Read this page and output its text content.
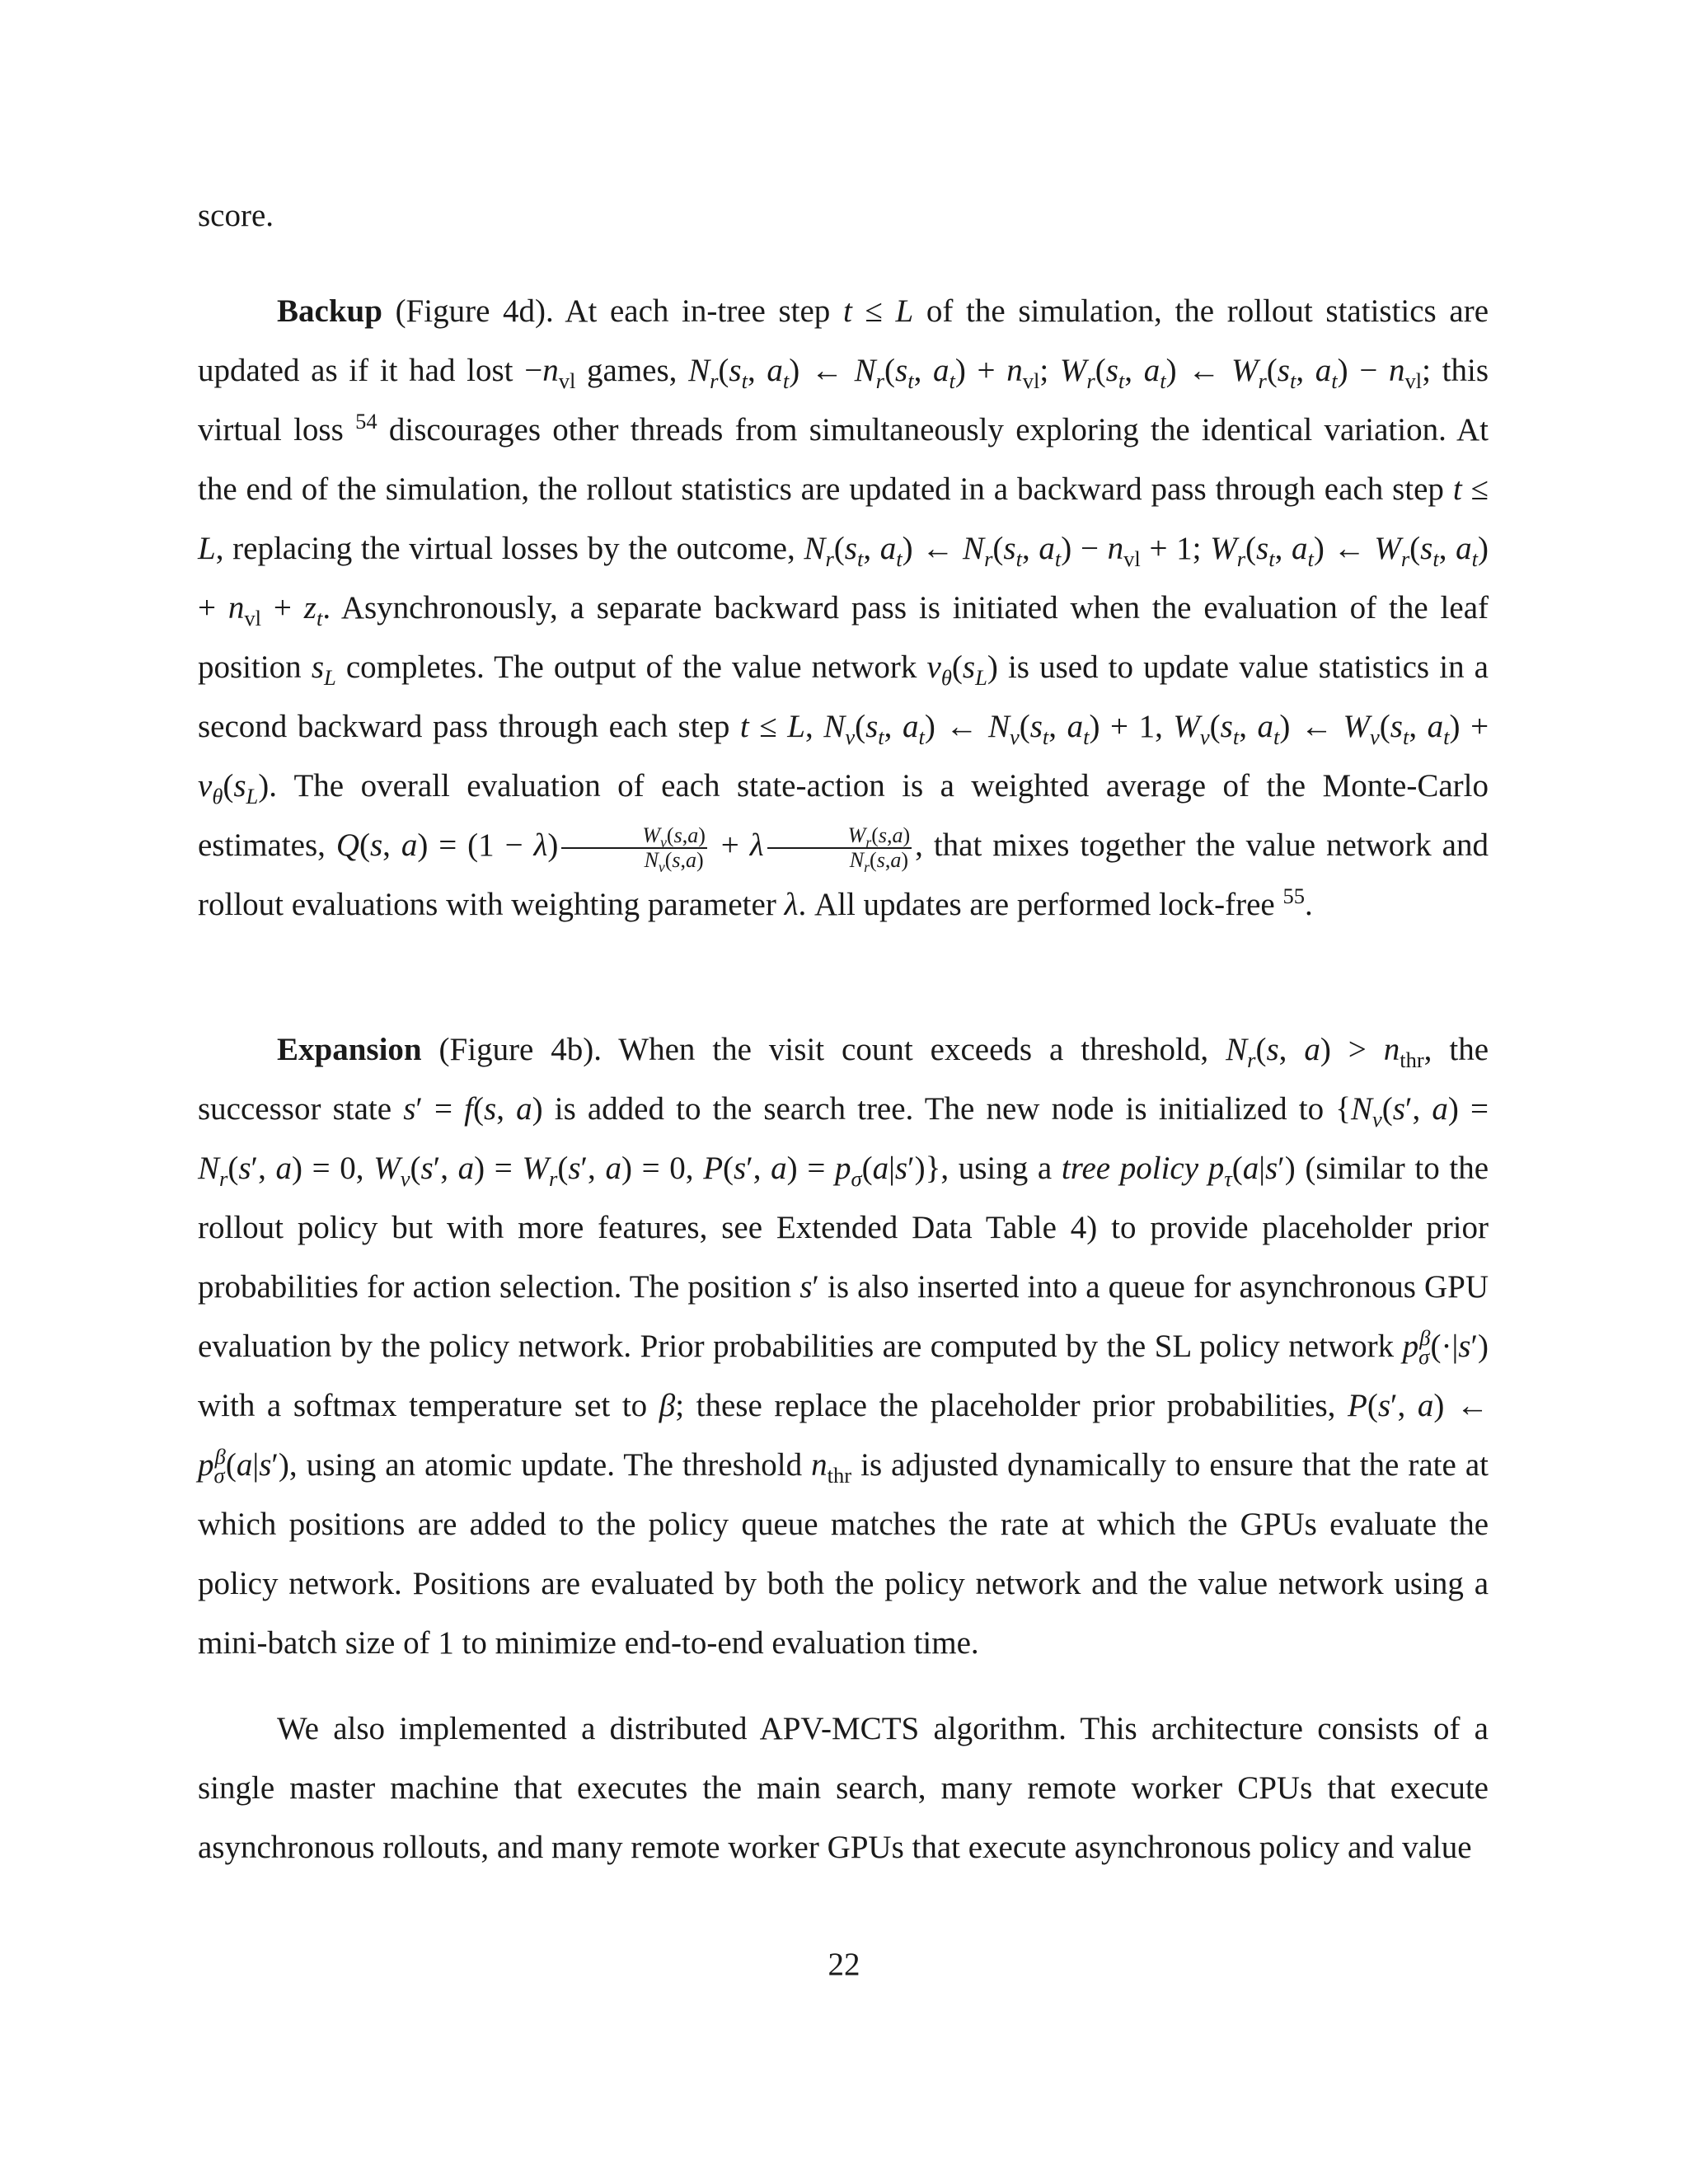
score.

Backup (Figure 4d). At each in-tree step t ≤ L of the simulation, the rollout statistics are updated as if it had lost $-n_{vl}$ games, $N_r(s_t$, $a_t$) ← $N_r(s_t$, $a_t) + n_{vl}$; $W_r(s_t$, $a_t$) ← $W_r(s_t$, $a_t) - n_{vl}$; this virtual loss $^{54}$ discourages other threads from simultaneously exploring the identical variation. At the end of the simulation, the rollout statistics are updated in a backward pass through each step t ≤ L, replacing the virtual losses by the outcome, $N_r(s_t$, $a_t$) ← $N_r(s_t$, $a_t) - n_{vl} + 1$; $W_r(s_t$, $a_t$) ← $W_r(s_t$, $a_t) + n_{vl} + z_t$. Asynchronously, a separate backward pass is initiated when the evaluation of the leaf position $s_L$ completes. The output of the value network $v_\theta(s_L)$ is used to update value statistics in a second backward pass through each step t ≤ L, $N_v(s_t$, $a_t$) ← $N_v(s_t$, $a_t) + 1$, $W_v(s_t$, $a_t$) ← $W_v(s_t$, $a_t) + v_\theta(s_L)$. The overall evaluation of each state-action is a weighted average of the Monte-Carlo estimates, Q(s, $a) = (1 - \lambda) \frac{W_v(s,a)}{N_v(s,a)} + \lambda \frac{W_r(s,a)}{N_r(s,a)}$ , that mixes together the value network and rollout evaluations with weighting parameter λ. All updates are performed lock-free $^{55}$.

Expansion (Figure 4b). When the visit count exceeds a threshold, $N_r(s$, $a) > n_{thr}$, the successor state s′ = f(s, a) is added to the search tree. The new node is initialized to {$N_v(s'$, $a) = N_r(s'$, a) = 0, $W_v(s'$, $a) = W_r(s'$, a) = 0, P(s′, $a) = p_\sigma(a|s')$}, using a tree policy $p_\tau(a|s')$ (similar to the rollout policy but with more features, see Extended Data Table 4) to provide placeholder prior probabilities for action selection. The position s′ is also inserted into a queue for asynchronous GPU evaluation by the policy network. Prior probabilities are computed by the SL policy network $p_\sigma^\beta(\cdot|s')$ with a softmax temperature set to β; these replace the placeholder prior probabilities, P(s′, a) ← $p_\sigma^\beta(a|s')$, using an atomic update. The threshold $n_{thr}$ is adjusted dynamically to ensure that the rate at which positions are added to the policy queue matches the rate at which the GPUs evaluate the policy network. Positions are evaluated by both the policy network and the value network using a mini-batch size of 1 to minimize end-to-end evaluation time.

We also implemented a distributed APV-MCTS algorithm. This architecture consists of a single master machine that executes the main search, many remote worker CPUs that execute asynchronous rollouts, and many remote worker GPUs that execute asynchronous policy and value

22
